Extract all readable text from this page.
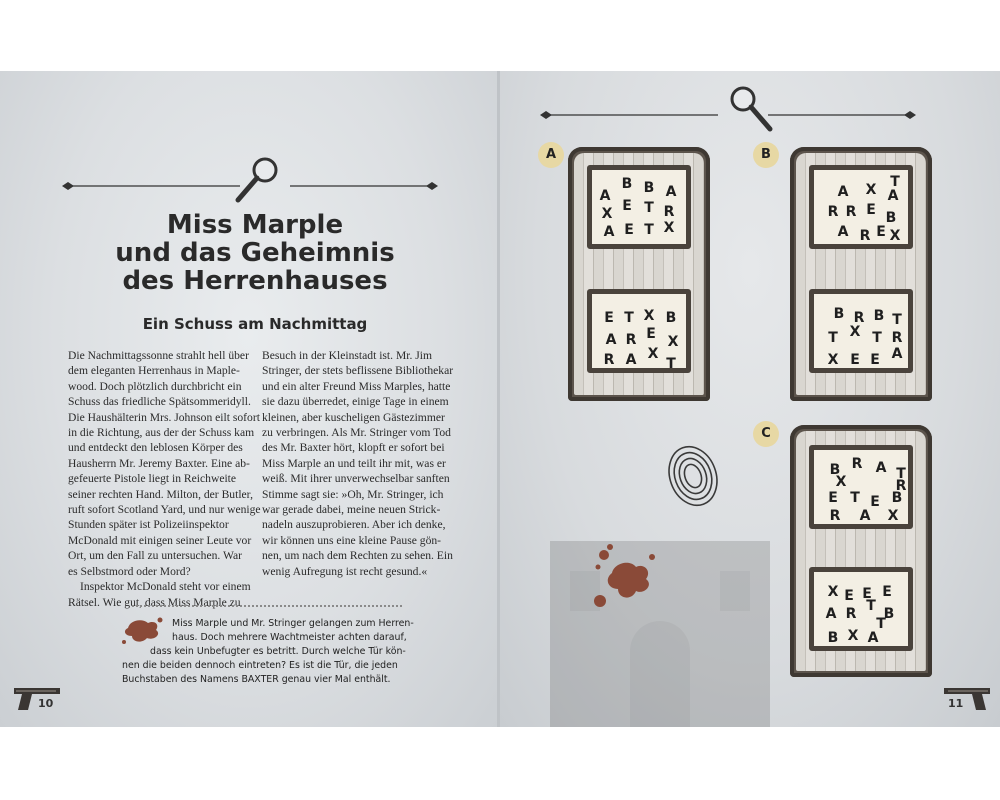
Miss Marple
und das Geheimnis
des Herrenhauses
Ein Schuss am Nachmittag

Die Nachmittagssonne strahlt hell über

dem eleganten Herrenhaus in Maple-

wood. Doch plötzlich durchbricht ein

Schuss das friedliche Spätsommeridyll.

Die Haushälterin Mrs. Johnson eilt sofort

in die Richtung, aus der der Schuss kam

und entdeckt den leblosen Körper des

Hausherrn Mr. Jeremy Baxter. Eine ab-

gefeuerte Pistole liegt in Reichweite

seiner rechten Hand. Milton, der Butler,

ruft sofort Scotland Yard, und nur wenige

Stunden später ist Polizeiinspektor

McDonald mit einigen seiner Leute vor

Ort, um den Fall zu untersuchen. War

es Selbstmord oder Mord?

Inspektor McDonald steht vor einem

Rätsel. Wie gut, dass Miss Marple zu

Besuch in der Kleinstadt ist. Mr. Jim

Stringer, der stets beflissene Bibliothekar

und ein alter Freund Miss Marples, hatte

sie dazu überredet, einige Tage in einem

kleinen, aber kuscheligen Gästezimmer

zu verbringen. Als Mr. Stringer vom Tod

des Mr. Baxter hört, klopft er sofort bei

Miss Marple an und teilt ihr mit, was er

weiß. Mit ihrer unverwechselbar sanften

Stimme sagt sie: »Oh, Mr. Stringer, ich

war gerade dabei, meine neuen Strick-

nadeln auszuprobieren. Aber ich denke,

wir können uns eine kleine Pause gön-

nen, um nach dem Rechten zu sehen. Ein

wenig Aufregung ist recht gesund.«

Miss Marple und Mr. Stringer gelangen zum Herren-
haus. Doch mehrere Wachtmeister achten darauf,
dass kein Unbefugter es betritt. Durch welche Tür kön-
nen die beiden dennoch eintreten? Es ist die Tür, die jeden
Buchstaben des Namens BAXTER genau vier Mal enthält.
10
A
A
B B A
X E T R
A E T X
E T X B
A R E X
R A X
T
B
A X A
T
R R E B
A R E X
B R B T
T X T R
X E E A
C
B R A T
X
E T E B
R
R A X
X E E E
A R T B
T
B X A
11
